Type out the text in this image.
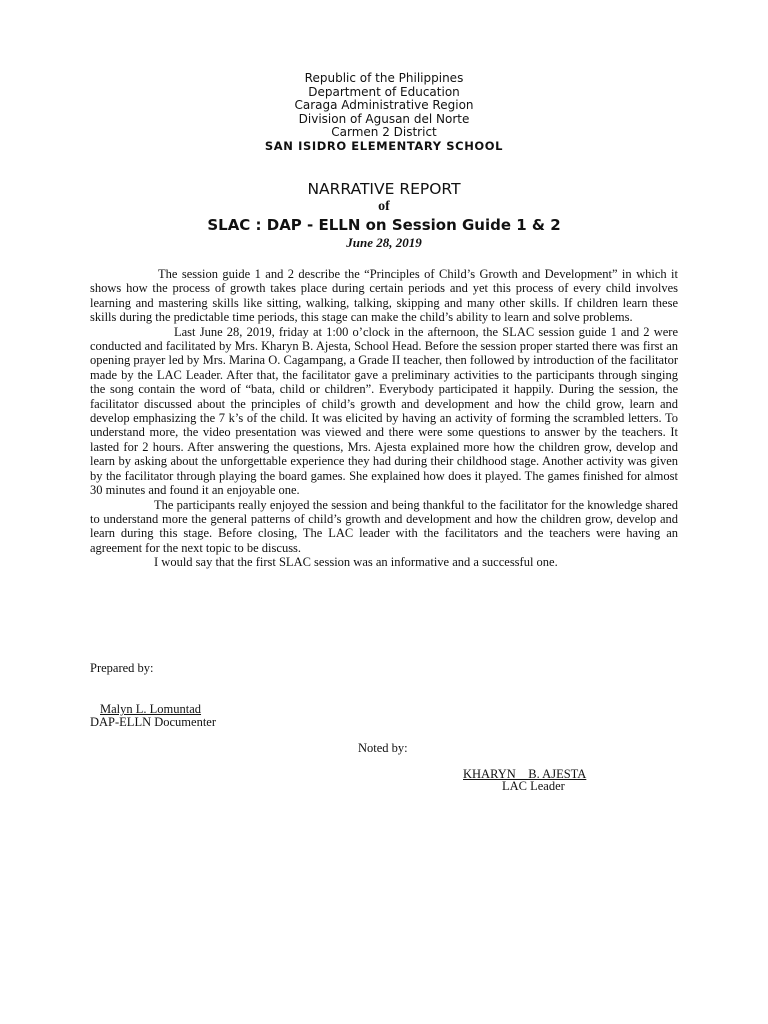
Republic of the Philippines
Department of Education
Caraga Administrative Region
Division of Agusan del Norte
Carmen 2 District
SAN ISIDRO ELEMENTARY SCHOOL
NARRATIVE REPORT
of
SLAC : DAP - ELLN on Session Guide 1 & 2
June 28, 2019

The session guide 1 and 2 describe the “Principles of Child’s Growth and Development” in which it shows how the process of growth takes place during certain periods and yet this process of every child involves learning and mastering skills like sitting, walking, talking, skipping and many other skills. If children learn these skills during the predictable time periods, this stage can make the child’s ability to learn and solve problems.

Last June 28, 2019, friday at 1:00 o’clock in the afternoon, the SLAC session guide 1 and 2 were conducted and facilitated by Mrs. Kharyn B. Ajesta, School Head. Before the session proper started there was first an opening prayer led by Mrs. Marina O. Cagampang, a Grade II teacher, then followed by introduction of the facilitator made by the LAC Leader. After that, the facilitator gave a preliminary activities to the participants through singing the song contain the word of “bata, child or children”. Everybody participated it happily. During the session, the facilitator discussed about the principles of child’s growth and development and how the child grow, learn and develop emphasizing the 7 k’s of the child. It was elicited by having an activity of forming the scrambled letters. To understand more, the video presentation was viewed and there were some questions to answer by the teachers. It lasted for 2 hours. After answering the questions, Mrs. Ajesta explained more how the children grow, develop and learn by asking about the unforgettable experience they had during their childhood stage. Another activity was given by the facilitator through playing the board games. She explained how does it played. The games finished for almost 30 minutes and found it an enjoyable one.

The participants really enjoyed the session and being thankful to the facilitator for the knowledge shared to understand more the general patterns of child’s growth and development and how the children grow, develop and learn during this stage. Before closing, The LAC leader with the facilitators and the teachers were having an agreement for the next topic to be discuss.

I would say that the first SLAC session was an informative and a successful one.

Prepared by:
Malyn L. Lomuntad
DAP-ELLN Documenter
Noted by:
KHARYN    B. AJESTA
LAC Leader
